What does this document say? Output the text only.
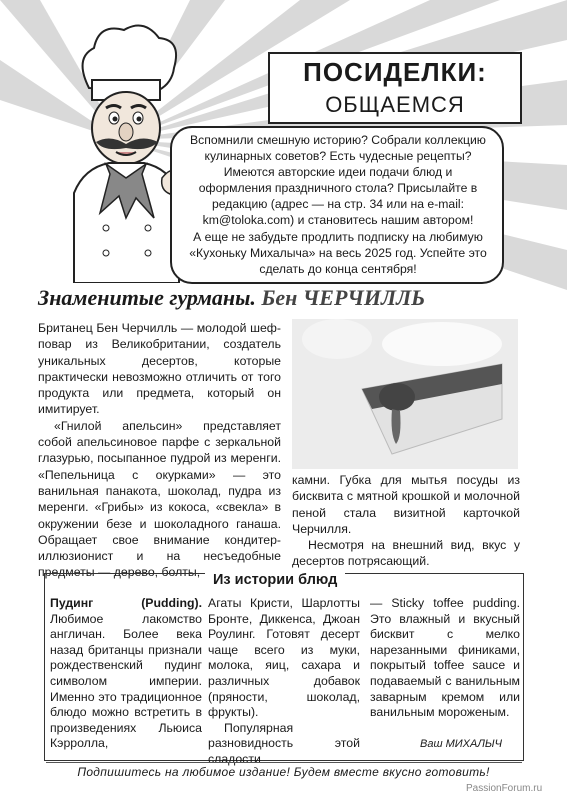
ПОСИДЕЛКИ:
ОБЩАЕМСЯ
Вспомнили смешную историю? Собрали коллекцию
кулинарных советов? Есть чудесные рецепты?
Имеются авторские идеи подачи блюд и
оформления праздничного стола? Присылайте в
редакцию (адрес — на стр. 34 или на e-mail:
km@toloka.com) и становитесь нашим автором!
А еще не забудьте продлить подписку на любимую
«Кухоньку Михалыча» на весь 2025 год. Успейте это
сделать до конца сентября!
Знаменитые гурманы. Бен ЧЕРЧИЛЛЬ

Британец Бен Черчилль — молодой шеф-повар из Великобритании, создатель уникальных десертов, которые практически невозможно отличить от того продукта или предмета, который он имитирует.

«Гнилой апельсин» представляет собой апельсиновое парфе с зеркальной глазурью, посыпанное пудрой из меренги. «Пепельница с окурками» — это ванильная панакота, шоколад, пудра из меренги. «Грибы» из кокоса, «свекла» в окружении безе и шоколадного ганаша. Обращает свое внимание кондитер-иллюзионист и на несъедобные предметы — дерево, болты,

камни. Губка для мытья посуды из бисквита с мятной крошкой и молочной пеной стала визитной карточкой Черчилля.

Несмотря на внешний вид, вкус у десертов потрясающий.

Из истории блюд

Пудинг (Pudding). Любимое лакомство англичан. Более века назад британцы признали рождественский пудинг символом империи. Именно это традиционное блюдо можно встретить в произведениях Льюиса Кэрролла,

Агаты Кристи, Шарлотты Бронте, Диккенса, Джоан Роулинг. Готовят десерт чаще всего из муки, молока, яиц, сахара и различных добавок (пряности, шоколад, фрукты).

Популярная разновидность этой сладости

— Sticky toffee pudding. Это влажный и вкусный бисквит с мелко нарезанными финиками, покрытый toffee sauce и подаваемый с ванильным заварным кремом или ванильным мороженым.

Ваш МИХАЛЫЧ
Подпишитесь на любимое издание! Будем вместе вкусно готовить!
PassionForum.ru
